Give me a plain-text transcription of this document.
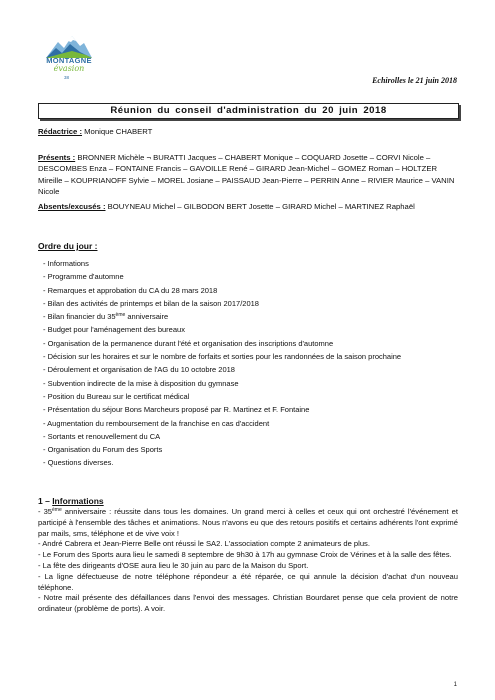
MONTAGNE
évasion
38	Echirolles le 21 juin 2018
Réunion du conseil d'administration du 20 juin 2018
Rédactrice : Monique CHABERT
Présents : BRONNER Michèle ¬ BURATTI Jacques – CHABERT Monique – COQUARD Josette – CORVI Nicole – DESCOMBES Enza – FONTAINE Francis – GAVOILLE René – GIRARD Jean-Michel – GOMEZ Roman – HOLTZER Mireille – KOUPRIANOFF Sylvie – MOREL Josiane – PAISSAUD Jean-Pierre – PERRIN Anne – RIVIER Maurice – VANIN Nicole
Absents/excusés : BOUYNEAU Michel – GILBODON BERT Josette – GIRARD Michel – MARTINEZ Raphaël
Ordre du jour :
- Informations
- Programme d'automne
- Remarques et approbation du CA du 28 mars 2018
- Bilan des activités de printemps et bilan de la saison 2017/2018
- Bilan financier du 35ème anniversaire
- Budget pour l'aménagement des bureaux
- Organisation de la permanence durant l'été et organisation des inscriptions d'automne
- Décision sur les horaires et sur le nombre de forfaits et sorties pour les randonnées de la saison prochaine
- Déroulement et organisation de l'AG du 10 octobre 2018
- Subvention indirecte de la mise à disposition du gymnase
- Position du Bureau sur le certificat médical
- Présentation du séjour Bons Marcheurs proposé par R. Martinez et F. Fontaine
- Augmentation du remboursement de la franchise en cas d'accident
- Sortants et renouvellement du CA
- Organisation du Forum des Sports
- Questions diverses.
1 – Informations
- 35ème anniversaire : réussite dans tous les domaines. Un grand merci à celles et ceux qui ont orchestré l'événement et participé à l'ensemble des tâches et animations. Nous n'avons eu que des retours positifs et certains adhérents l'ont exprimé par mails, sms, téléphone et de vive voix !
- André Cabrera et Jean-Pierre Belle ont réussi le SA2. L'association compte 2 animateurs de plus.
- Le Forum des Sports aura lieu le samedi 8 septembre de 9h30 à 17h au gymnase Croix de Vérines et à la salle des fêtes.
- La fête des dirigeants d'OSE aura lieu le 30 juin au parc de la Maison du Sport.
- La ligne défectueuse de notre téléphone répondeur a été réparée, ce qui annule la décision d'achat d'un nouveau téléphone.
- Notre mail présente des défaillances dans l'envoi des messages. Christian Bourdaret pense que cela provient de notre ordinateur (problème de ports). A voir.
1
